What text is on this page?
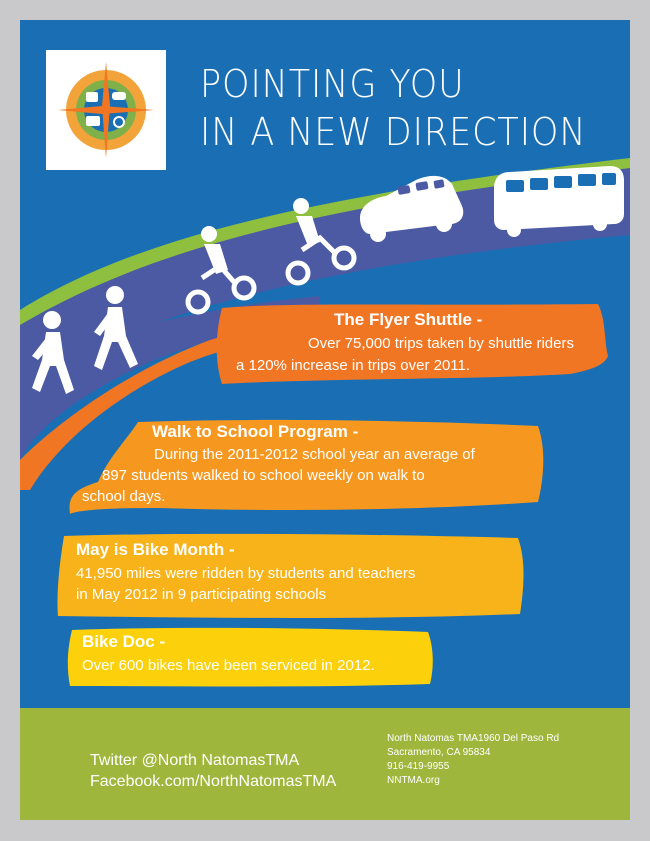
POINTING YOU
IN A NEW DIRECTION
The Flyer Shuttle -
Over 75,000 trips taken by shuttle riders
a 120% increase in trips over 2011.
Walk to School Program -
During the 2011-2012 school year an average of
897 students walked to school weekly on walk to
school days.
May is Bike Month -
41,950 miles were ridden by students and teachers
in May 2012 in 9 participating schools
Bike Doc -
Over 600 bikes have been serviced in 2012.
Twitter @North NatomasTMA
Facebook.com/NorthNatomasTMA
North Natomas TMA1960 Del Paso Rd
Sacramento, CA 95834
916-419-9955
NNTMA.org
